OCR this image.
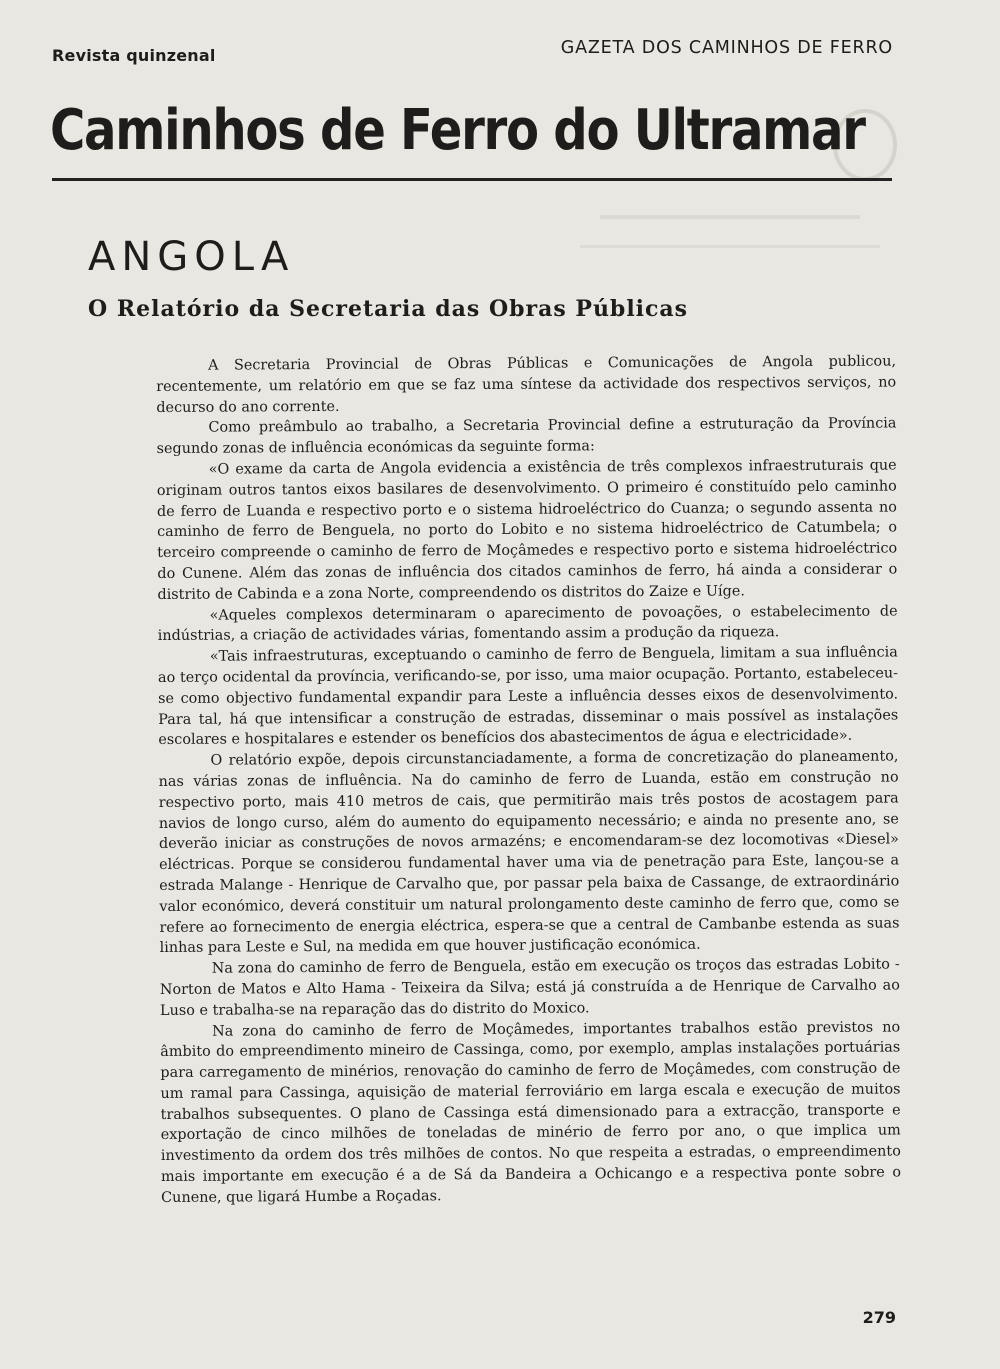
Revista quinzenal	GAZETA DOS CAMINHOS DE FERRO
Caminhos de Ferro do Ultramar
ANGOLA
O Relatório da Secretaria das Obras Públicas

A Secretaria Provincial de Obras Públicas e Comunicações de Angola publicou, recentemente, um relatório em que se faz uma síntese da actividade dos respectivos serviços, no decurso do ano corrente.

Como preâmbulo ao trabalho, a Secretaria Provincial define a estruturação da Província segundo zonas de influência económicas da seguinte forma:

«O exame da carta de Angola evidencia a existência de três complexos infraestruturais que originam outros tantos eixos basilares de desenvolvimento. O primeiro é constituído pelo caminho de ferro de Luanda e respectivo porto e o sistema hidroeléctrico do Cuanza; o segundo assenta no caminho de ferro de Benguela, no porto do Lobito e no sistema hidroeléctrico de Catumbela; o terceiro compreende o caminho de ferro de Moçâmedes e respectivo porto e sistema hidroeléctrico do Cunene. Além das zonas de influência dos citados caminhos de ferro, há ainda a considerar o distrito de Cabinda e a zona Norte, compreendendo os distritos do Zaize e Uíge.

«Aqueles complexos determinaram o aparecimento de povoações, o estabelecimento de indústrias, a criação de actividades várias, fomentando assim a produção da riqueza.

«Tais infraestruturas, exceptuando o caminho de ferro de Benguela, limitam a sua influência ao terço ocidental da província, verificando-se, por isso, uma maior ocupação. Portanto, estabeleceu-se como objectivo fundamental expandir para Leste a influência desses eixos de desenvolvimento. Para tal, há que intensificar a construção de estradas, disseminar o mais possível as instalações escolares e hospitalares e estender os benefícios dos abastecimentos de água e electricidade».

O relatório expõe, depois circunstanciadamente, a forma de concretização do planeamento, nas várias zonas de influência. Na do caminho de ferro de Luanda, estão em construção no respectivo porto, mais 410 metros de cais, que permitirão mais três postos de acostagem para navios de longo curso, além do aumento do equipamento necessário; e ainda no presente ano, se deverão iniciar as construções de novos armazéns; e encomendaram-se dez locomotivas «Diesel» eléctricas. Porque se considerou fundamental haver uma via de penetração para Este, lançou-se a estrada Malange - Henrique de Carvalho que, por passar pela baixa de Cassange, de extraordinário valor económico, deverá constituir um natural prolongamento deste caminho de ferro que, como se refere ao fornecimento de energia eléctrica, espera-se que a central de Cambanbe estenda as suas linhas para Leste e Sul, na medida em que houver justificação económica.

Na zona do caminho de ferro de Benguela, estão em execução os troços das estradas Lobito - Norton de Matos e Alto Hama - Teixeira da Silva; está já construída a de Henrique de Carvalho ao Luso e trabalha-se na reparação das do distrito do Moxico.

Na zona do caminho de ferro de Moçâmedes, importantes trabalhos estão previstos no âmbito do empreendimento mineiro de Cassinga, como, por exemplo, amplas instalações portuárias para carregamento de minérios, renovação do caminho de ferro de Moçâmedes, com construção de um ramal para Cassinga, aquisição de material ferroviário em larga escala e execução de muitos trabalhos subsequentes. O plano de Cassinga está dimensionado para a extracção, transporte e exportação de cinco milhões de toneladas de minério de ferro por ano, o que implica um investimento da ordem dos três milhões de contos. No que respeita a estradas, o empreendimento mais importante em execução é a de Sá da Bandeira a Ochicango e a respectiva ponte sobre o Cunene, que ligará Humbe a Roçadas.

279
